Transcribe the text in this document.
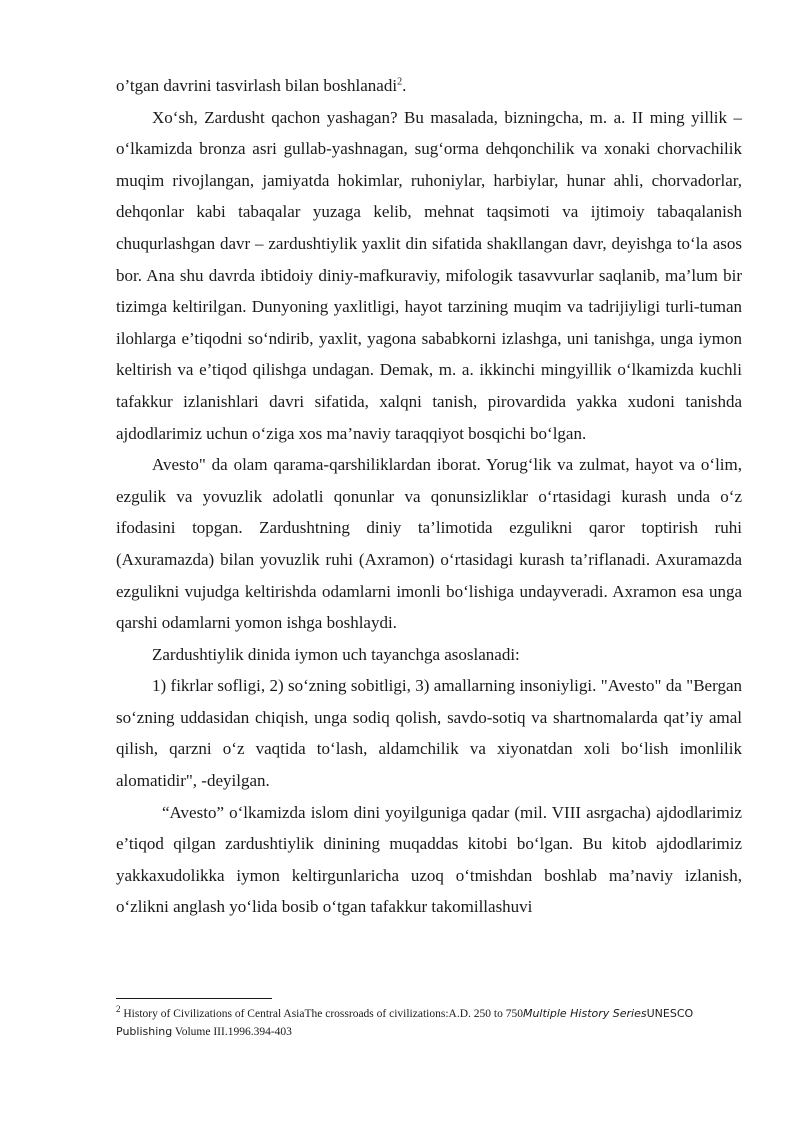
o’tgan davrini tasvirlash bilan boshlanadi$^2$.

Xo‘sh, Zardusht qachon yashagan? Bu masalada, bizningcha, m. a. II ming yillik – o‘lkamizda bronza asri gullab-yashnagan, sug‘orma dehqonchilik va xonaki chorvachilik muqim rivojlangan, jamiyatda hokimlar, ruhoniylar, harbiylar, hunar ahli, chorvadorlar, dehqonlar kabi tabaqalar yuzaga kelib, mehnat taqsimoti va ijtimoiy tabaqalanish chuqurlashgan davr – zardushtiylik yaxlit din sifatida shakllangan davr, deyishga to‘la asos bor. Ana shu davrda ibtidoiy diniy-mafkuraviy, mifologik tasavvurlar saqlanib, ma’lum bir tizimga keltirilgan. Dunyoning yaxlitligi, hayot tarzining muqim va tadrijiyligi turli-tuman ilohlarga e’tiqodni so‘ndirib, yaxlit, yagona sababkorni izlashga, uni tanishga, unga iymon keltirish va e’tiqod qilishga undagan. Demak, m. a. ikkinchi mingyillik o‘lkamizda kuchli tafakkur izlanishlari davri sifatida, xalqni tanish, pirovardida yakka xudoni tanishda ajdodlarimiz uchun o‘ziga xos ma’naviy taraqqiyot bosqichi bo‘lgan.

Avesto" da olam qarama-qarshiliklardan iborat. Yorug‘lik va zulmat, hayot va o‘lim, ezgulik va yovuzlik adolatli qonunlar va qonunsizliklar o‘rtasidagi kurash unda o‘z ifodasini topgan. Zardushtning diniy ta’limotida ezgulikni qaror toptirish ruhi (Axuramazda) bilan yovuzlik ruhi (Axramon) o‘rtasidagi kurash ta’riflanadi. Axuramazda ezgulikni vujudga keltirishda odamlarni imonli bo‘lishiga undayveradi. Axramon esa unga qarshi odamlarni yomon ishga boshlaydi.

Zardushtiylik dinida iymon uch tayanchga asoslanadi:

1) fikrlar sofligi, 2) so‘zning sobitligi, 3) amallarning insoniyligi. "Avesto" da "Bergan so‘zning uddasidan chiqish, unga sodiq qolish, savdo-sotiq va shartnomalarda qat’iy amal qilish, qarzni o‘z vaqtida to‘lash, aldamchilik va xiyonatdan xoli bo‘lish imonlilik alomatidir", -deyilgan.

“Avesto” o‘lkamizda islom dini yoyilguniga qadar (mil. VIII asrgacha) ajdodlarimiz e’tiqod qilgan zardushtiylik dinining muqaddas kitobi bo‘lgan. Bu kitob ajdodlarimiz yakkaxudolikka iymon keltirgunlaricha uzoq o‘tmishdan boshlab ma’naviy izlanish, o‘zlikni anglash yo‘lida bosib o‘tgan tafakkur takomillashuvi

$^2$ History of Civilizations of Central AsiaThe crossroads of civilizations:A.D. 250 to 750Multiple History SeriesUNESCO Publishing Volume III.1996.394-403
